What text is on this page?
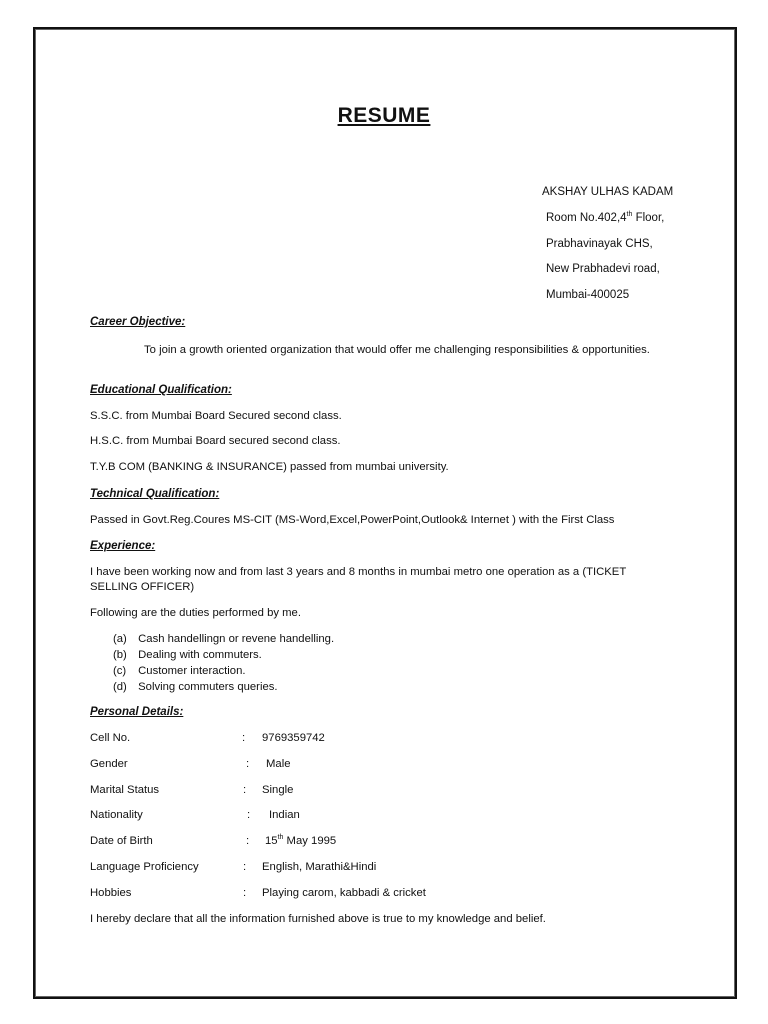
RESUME
AKSHAY ULHAS KADAM
Room No.402,4th Floor,
Prabhavinayak CHS,
New Prabhadevi road,
Mumbai-400025
Career Objective:
To join a growth oriented organization that would offer me challenging responsibilities & opportunities.
Educational Qualification:
S.S.C. from Mumbai Board Secured second class.
H.S.C. from Mumbai Board secured second class.
T.Y.B COM (BANKING & INSURANCE) passed from mumbai university.
Technical Qualification:
Passed in Govt.Reg.Coures MS-CIT (MS-Word,Excel,PowerPoint,Outlook& Internet ) with the First Class
Experience:
I have been working now and from last 3 years and 8 months in mumbai metro one operation as a (TICKET SELLING OFFICER)
Following are the duties performed by me.
(a) Cash handellingn or revene handelling.
(b) Dealing with commuters.
(c) Customer interaction.
(d) Solving commuters queries.
Personal Details:
Cell No.	: 9769359742
Gender	: Male
Marital Status	: Single
Nationality	: Indian
Date of Birth	: 15th May 1995
Language Proficiency	: English, Marathi&Hindi
Hobbies	: Playing carom, kabbadi & cricket
I hereby declare that all the information furnished above is true to my knowledge and belief.
